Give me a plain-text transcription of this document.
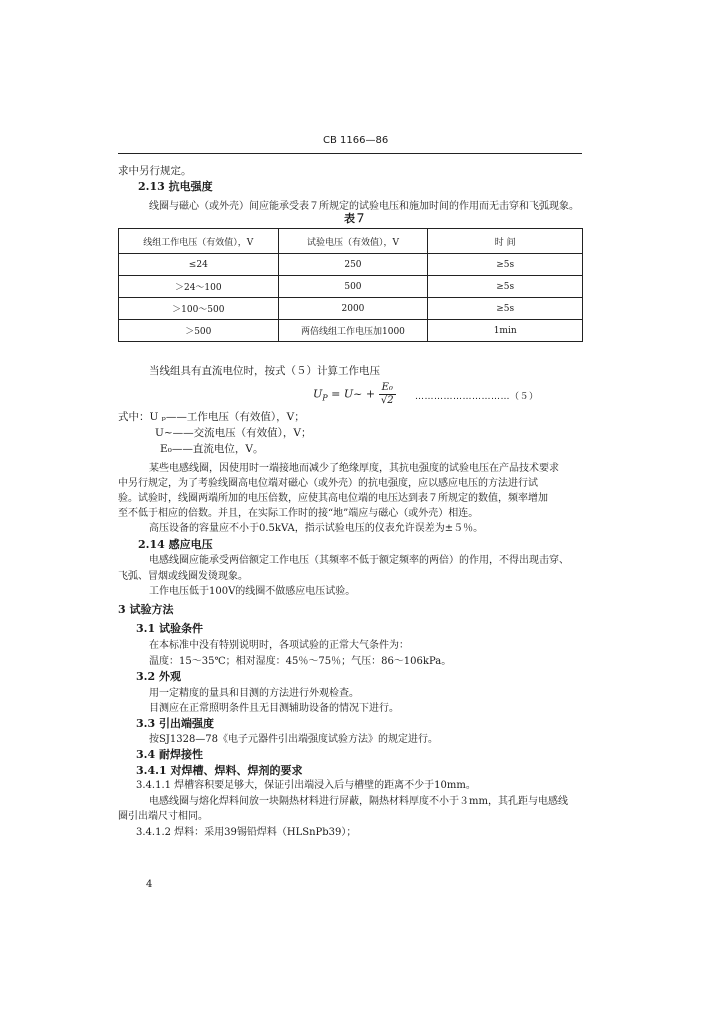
CB 1166—86
求中另行规定。
2.13 抗电强度
线圈与磁心（或外壳）间应能承受表７所规定的试验电压和施加时间的作用而无击穿和飞弧现象。
表７
线组工作电压（有效值），V	试验电压（有效值），V	时 间
≤24	250	≥5s
＞24～100	500	≥5s
＞100～500	2000	≥5s
＞500	两倍线组工作电压加1000	1min
当线组具有直流电位时，按式（５）计算工作电压
$U_P$ = U~ + $\frac{\text{E₀}}{√2}$ …………………………（５）
式中：U ₚ——工作电压（有效值），V；
U~——交流电压（有效值），V；
E₀——直流电位，V。
某些电感线圈，因使用时一端接地而减少了绝缘厚度，其抗电强度的试验电压在产品技术要求
中另行规定，为了考验线圈高电位端对磁心（或外壳）的抗电强度，应以感应电压的方法进行试
验。试验时，线圈两端所加的电压倍数，应使其高电位端的电压达到表７所规定的数值，频率增加
至不低于相应的倍数。并且，在实际工作时的接“地”端应与磁心（或外壳）相连。
高压设备的容量应不小于0.5kVA，指示试验电压的仪表允许误差为±５％。
2.14 感应电压
电感线圈应能承受两倍额定工作电压（其频率不低于额定频率的两倍）的作用，不得出现击穿、
飞弧、冒烟或线圈发烫现象。
工作电压低于100V的线圈不做感应电压试验。
3 试验方法
3.1 试验条件
在本标准中没有特别说明时，各项试验的正常大气条件为：
温度：15～35℃；相对湿度：45％～75％；气压：86～106kPa。
3.2 外观
用一定精度的量具和目测的方法进行外观检查。
目测应在正常照明条件且无目测辅助设备的情况下进行。
3.3 引出端强度
按SJ1328—78《电子元器件引出端强度试验方法》的规定进行。
3.4 耐焊接性
3.4.1 对焊槽、焊料、焊剂的要求
3.4.1.1 焊槽容积要足够大，保证引出端浸入后与槽壁的距离不少于10mm。
电感线圈与熔化焊料间放一块隔热材料进行屏蔽，隔热材料厚度不小于３mm，其孔距与电感线
圈引出端尺寸相同。
3.4.1.2 焊料：采用39锡铅焊料（HLSnPb39）；
4
